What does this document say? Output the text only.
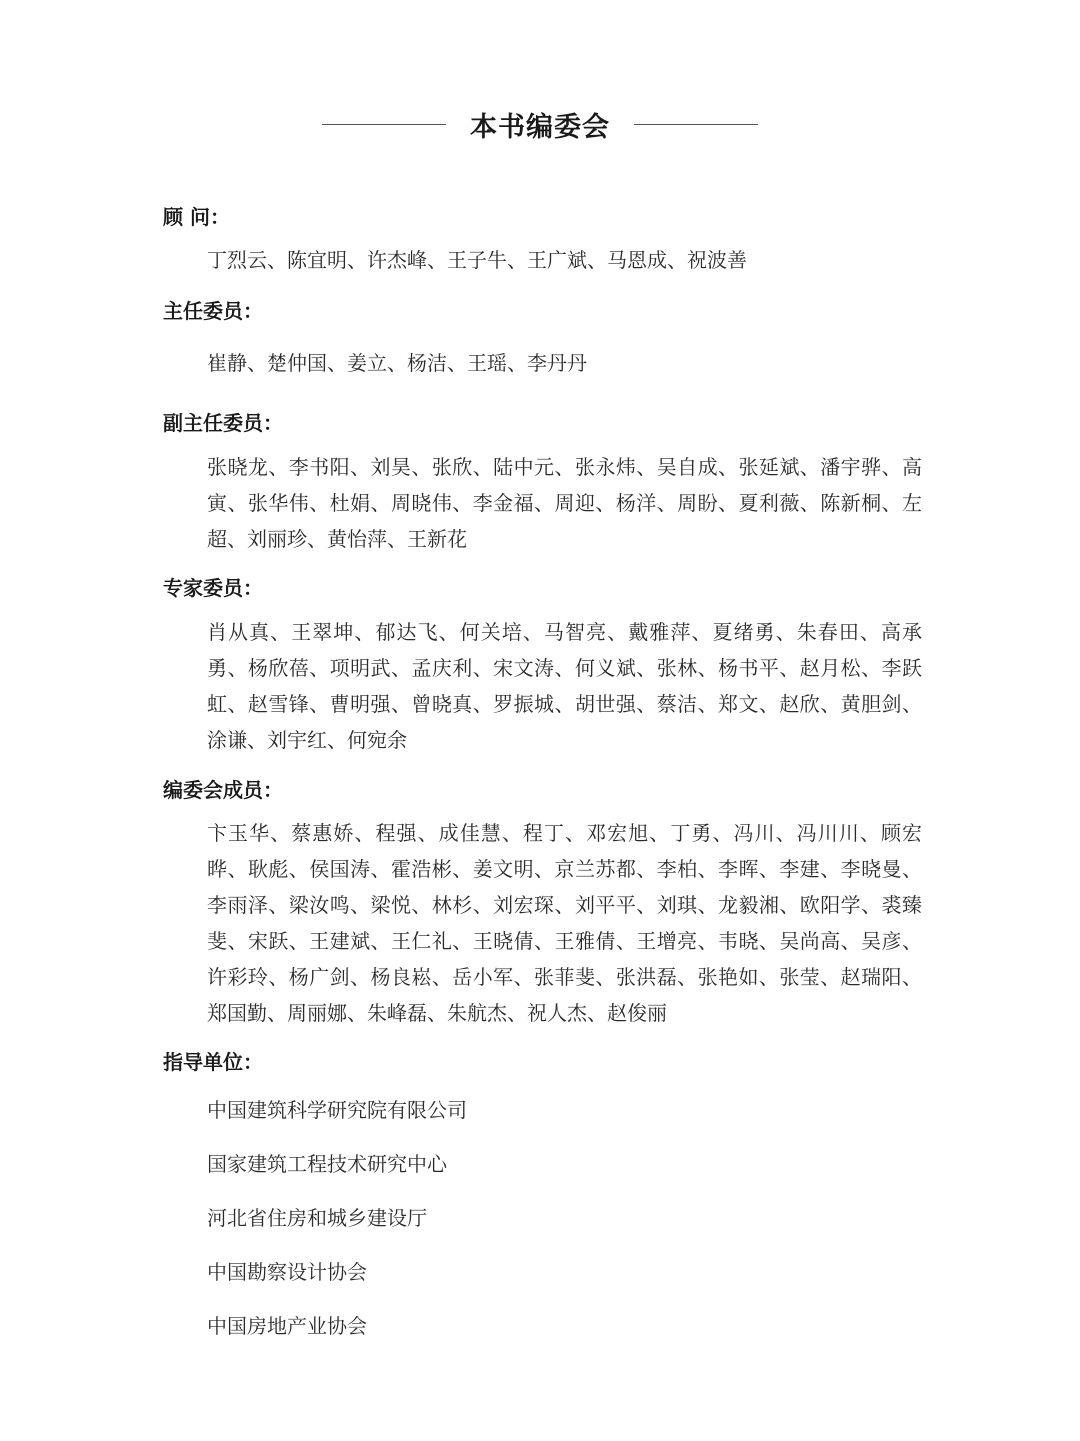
本书编委会
顾 问：
丁烈云、陈宜明、许杰峰、王子牛、王广斌、马恩成、祝波善
主任委员：
崔静、楚仲国、姜立、杨洁、王瑶、李丹丹
副主任委员：
张晓龙、李书阳、刘昊、张欣、陆中元、张永炜、吴自成、张延斌、潘宇骅、高寅、张华伟、杜娟、周晓伟、李金福、周迎、杨洋、周盼、夏利薇、陈新桐、左超、刘丽珍、黄怡萍、王新花
专家委员：
肖从真、王翠坤、郁达飞、何关培、马智亮、戴雅萍、夏绪勇、朱春田、高承勇、杨欣蓓、项明武、孟庆利、宋文涛、何义斌、张林、杨书平、赵月松、李跃虹、赵雪锋、曹明强、曾晓真、罗振城、胡世强、蔡洁、郑文、赵欣、黄胆剑、涂谦、刘宇红、何宛余
编委会成员：
卞玉华、蔡惠娇、程强、成佳慧、程丁、邓宏旭、丁勇、冯川、冯川川、顾宏晔、耿彪、侯国涛、霍浩彬、姜文明、京兰苏都、李柏、李晖、李建、李晓曼、李雨泽、梁汝鸣、梁悦、林杉、刘宏琛、刘平平、刘琪、龙毅湘、欧阳学、裘臻斐、宋跃、王建斌、王仁礼、王晓倩、王雅倩、王增亮、韦晓、吴尚高、吴彦、许彩玲、杨广剑、杨良崧、岳小军、张菲斐、张洪磊、张艳如、张莹、赵瑞阳、郑国勤、周丽娜、朱峰磊、朱航杰、祝人杰、赵俊丽
指导单位：
中国建筑科学研究院有限公司
国家建筑工程技术研究中心
河北省住房和城乡建设厅
中国勘察设计协会
中国房地产业协会
